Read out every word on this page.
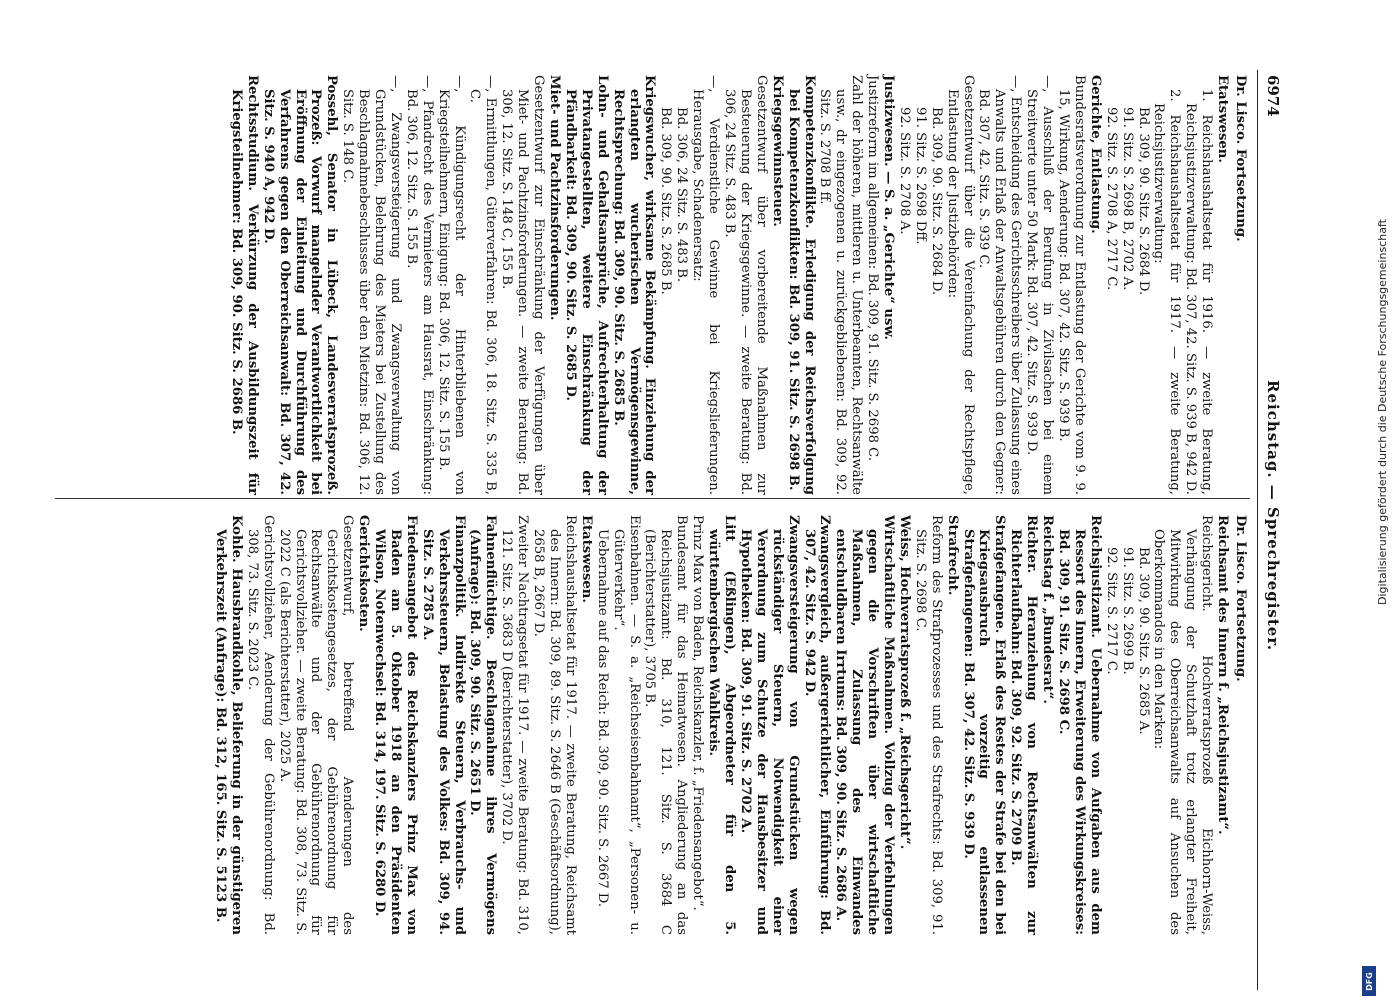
6974
Reichstag. — Sprechregister.
Dr. Lisco. Fortsetzung.

Etatswesen.

1. Reichshaushaltsetat für 1916. — zweite Beratung, Reichsjustizverwaltung: Bd. 307, 42. Sitz. S. 939 B, 942 D.

2. Reichshaushaltsetat für 1917. — zweite Beratung, Reichsjustizverwaltung:

Bd. 309, 90. Sitz. S. 2684 D.

91. Sitz. S. 2698 B, 2702 A.

92. Sitz. S. 2708 A, 2717 C.

Gerichte, Entlastung.

Bundesratsverordnung zur Entlastung der Gerichte vom 9. 9. 15, Wirkung, Aenderung: Bd. 307, 42. Sitz. S. 939 B.

—, Ausschluß der Berufung in Zivilsachen bei einem Streitwerte unter 50 Mark: Bd. 307, 42. Sitz. S. 939 D.

—, Entscheidung des Gerichtsschreibers über Zulassung eines Anwalts und Erlaß der Anwaltsgebühren durch den Gegner: Bd. 307, 42. Sitz. S. 939 C.

Gesetzentwurf über die Vereinfachung der Rechtspflege, Entlastung der Justizbehörden:

Bd. 309, 90. Sitz. S. 2684 D.

91. Sitz. S. 2698 Dff.

92. Sitz. S. 2708 A.

Justizwesen. — S. a. „Gerichte“ usw.

Justizreform im allgemeinen: Bd. 309, 91. Sitz. S. 2698 C.

Zahl der höheren, mittleren u. Unterbeamten, Rechtsanwälte usw., dr eingezogenen u. zurückgebliebenen: Bd. 309, 92. Sitz. S. 2708 B ff.

Kompetenzkonflikte. Erledigung der Reichsverfolgung bei Kompetenzkonflikten: Bd. 309, 91. Sitz. S. 2698 B.

Kriegsgewinnsteuer.

Gesetzentwurf über vorbereitende Maßnahmen zur Besteuerung der Kriegsgewinne. — zweite Beratung: Bd. 306, 24 Sitz. S. 483 B.

—, Verdienstliche Gewinne bei Kriegslieferungen. Herausgabe, Schadenersatz:

Bd. 306, 24 Sitz. S. 483 B.

Bd. 309, 90. Sitz. S. 2685 B.

Kriegswucher, wirksame Bekämpfung. Einziehung der erlangten wucherischen Vermögensgewinne, Rechtsprechung: Bd. 309, 90. Sitz. S. 2685 B.

Lohn- und Gehaltsansprüche, Aufrechterhaltung der Privatangestellten, weitere Einschränkung der Pfändbarkeit: Bd. 309, 90. Sitz. S. 2685 D.

Miet- und Pachtzinsforderungen.

Gesetzentwurf zur Einschränkung der Verfügungen über Miet- und Pachtzinsforderungen. — zweite Beratung: Bd. 306, 12. Sitz. S. 148 C, 155 B.

—, Ermittlungen, Güterverfahren: Bd. 306, 18. Sitz. S. 335 B, C.

—, Kündigungsrecht der Hinterbliebenen von Kriegsteilnehmern, Einigung: Bd. 306, 12. Sitz. S. 155 B.

—, Pfandrecht des Vermieters am Hausrat, Einschränkung: Bd. 306, 12. Sitz. S. 155 B.

—, Zwangsversteigerung und Zwangsverwaltung von Grundstücken, Belehrung des Mieters bei Zustellung des Beschlagnahmebeschlusses über den Mietzins: Bd. 306, 12. Sitz. S. 148 C.

Possehl, Senator in Lübeck, Landesverratsprozeß. Prozeß: Vorwurf mangelnder Verantwortlichkeit bei Eröffnung der Einleitung und Durchführung des Verfahrens gegen den Oberreichsanwalt: Bd. 307, 42. Sitz. S. 940 A, 942 D.

Rechtsstudium. Verkürzung der Ausbildungszeit für Kriegsteilnehmer: Bd. 309, 90. Sitz. S. 2686 B.

Dr. Lisco. Fortsetzung.

Reichsamt des Innern f. „Reichsjustizamt“.

Reichsgericht. Hochverratsprozeß Eichhorn-Weiss, Verhängung der Schutzhaft trotz erlangter Freiheit, Mitwirkung des Oberreichsanwalts auf Ansuchen des Oberkommandos in den Marken:

Bd. 309, 90. Sitz. S. 2685 A.

91. Sitz. S. 2699 B.

92. Sitz. S. 2717 C.

Reichsjustizamt. Uebernahme von Aufgaben aus dem Ressort des Innern, Erweiterung des Wirkungskreises: Bd. 309, 91. Sitz. S. 2698 C.

Reichstag f. „Bundesrat“.

Richter. Heranziehung von Rechtsanwälten zur Richterlaufbahn: Bd. 309, 92. Sitz. S. 2709 B.

Strafgefangene. Erlaß des Restes der Strafe bei den bei Kriegsausbruch vorzeitig entlassenen Strafgefangenen: Bd. 307, 42. Sitz. S. 939 D.

Strafrecht.

Reform des Strafprozesses und des Strafrechts: Bd. 309, 91. Sitz. S. 2698 C.

Weiss, Hochverratsprozeß f. „Reichsgericht“.

Wirtschaftliche Maßnahmen. Vollzug der Verfehlungen gegen die Vorschriften über wirtschaftliche Maßnahmen, Zulassung des Einwandes entschuldbaren Irrtums: Bd. 309, 90. Sitz. S. 2686 A.

Zwangsvergleich, außergerichtlicher, Einführung: Bd. 307, 42. Sitz. S. 942 D.

Zwangsversteigerung von Grundstücken wegen rückständiger Steuern, Notwendigkeit einer Verordnung zum Schutze der Hausbesitzer und Hypotheken: Bd. 309, 91. Sitz. S. 2702 A.

Litt (Eßlingen), Abgeordneter für den 5. württembergischen Wahlkreis.

Prinz Max von Baden, Reichskanzler, f. „Friedensangebot“.

Bundesamt für das Heimatwesen. Angliederung an das Reichsjustizamt: Bd. 310, 121. Sitz. S. 3684 C (Berichterstatter), 3705 B.

Eisenbahnen. — S. a. „Reichseisenbahnamt“, „Personen- u. Güterverkehr“.

Uebernahme auf das Reich: Bd. 309, 90. Sitz. S. 2667 D.

Etatswesen.

Reichshaushaltsetat für 1917. — zweite Beratung, Reichsamt des Innern: Bd. 309, 89. Sitz. S. 2646 B (Geschäftsordnung), 2658 B, 2667 D.

Zweiter Nachtragsetat für 1917. — zweite Beratung: Bd. 310, 121. Sitz. S. 3683 D (Berichterstatter), 3702 D.

Fahnenflüchtige. Beschlagnahme ihres Vermögens (Anfrage): Bd. 309, 90. Sitz. S. 2651 D.

Finanzpolitik. Indirekte Steuern, Verbrauchs- und Verkehrssteuern, Belastung des Volkes: Bd. 309, 94. Sitz. S. 2785 A.

Friedensangebot des Reichskanzlers Prinz Max von Baden am 5. Oktober 1918 an den Präsidenten Wilson, Notenwechsel: Bd. 314, 197. Sitz. S. 6280 D.

Gerichtskosten.

Gesetzentwurf, betreffend Aenderungen des Gerichtskostengesetzes, der Gebührenordnung für Rechtsanwälte und der Gebührenordnung für Gerichtsvollzieher. — zweite Beratung: Bd. 308, 73. Sitz. S. 2022 C (als Berichterstatter), 2025 A.

Gerichtsvollzieher, Aenderung der Gebührenordnung: Bd. 308, 73. Sitz. S. 2023 C.

Kohle. Hausbrandkohle, Belieferung in der günstigeren Verkehrszeit (Anfrage): Bd. 312, 165. Sitz. S. 5123 B.

Digitalisierung gefördert durch die Deutsche Forschungsgemeinschaft
DFG
